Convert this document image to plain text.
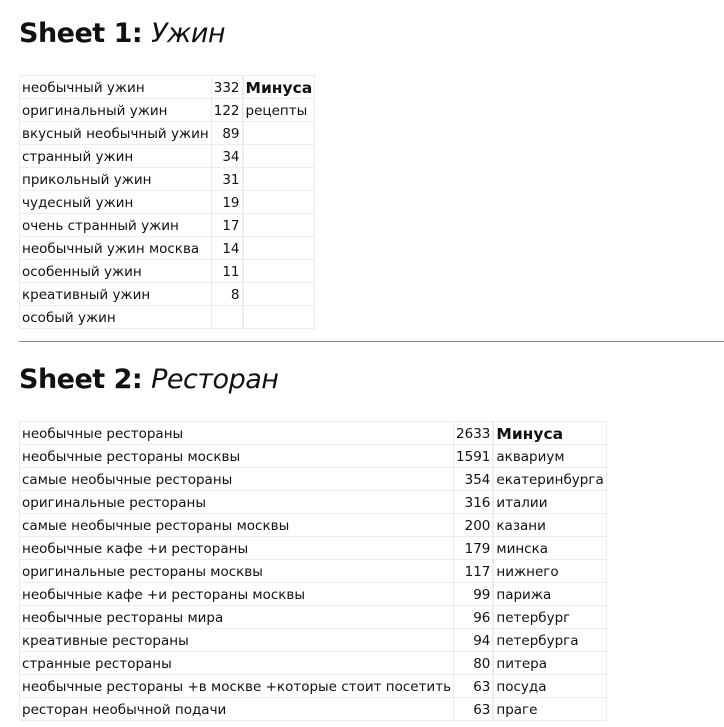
Sheet 1: Ужин
необычный ужин	332		Минуса
оригинальный ужин	122		рецепты
вкусный необычный ужин	89		
странный ужин	34		
прикольный ужин	31		
чудесный ужин	19		
очень странный ужин	17		
необычный ужин москва	14		
особенный ужин	11		
креативный ужин	8		
особый ужин			
Sheet 2: Ресторан
необычные рестораны	2633		Минуса
необычные рестораны москвы	1591		аквариум
самые необычные рестораны	354		екатеринбурга
оригинальные рестораны	316		италии
самые необычные рестораны москвы	200		казани
необычные кафе +и рестораны	179		минска
оригинальные рестораны москвы	117		нижнего
необычные кафе +и рестораны москвы	99		парижа
необычные рестораны мира	96		петербург
креативные рестораны	94		петербурга
странные рестораны	80		питера
необычные рестораны +в москве +которые стоит посетить	63		посуда
ресторан необычной подачи	63		праге
